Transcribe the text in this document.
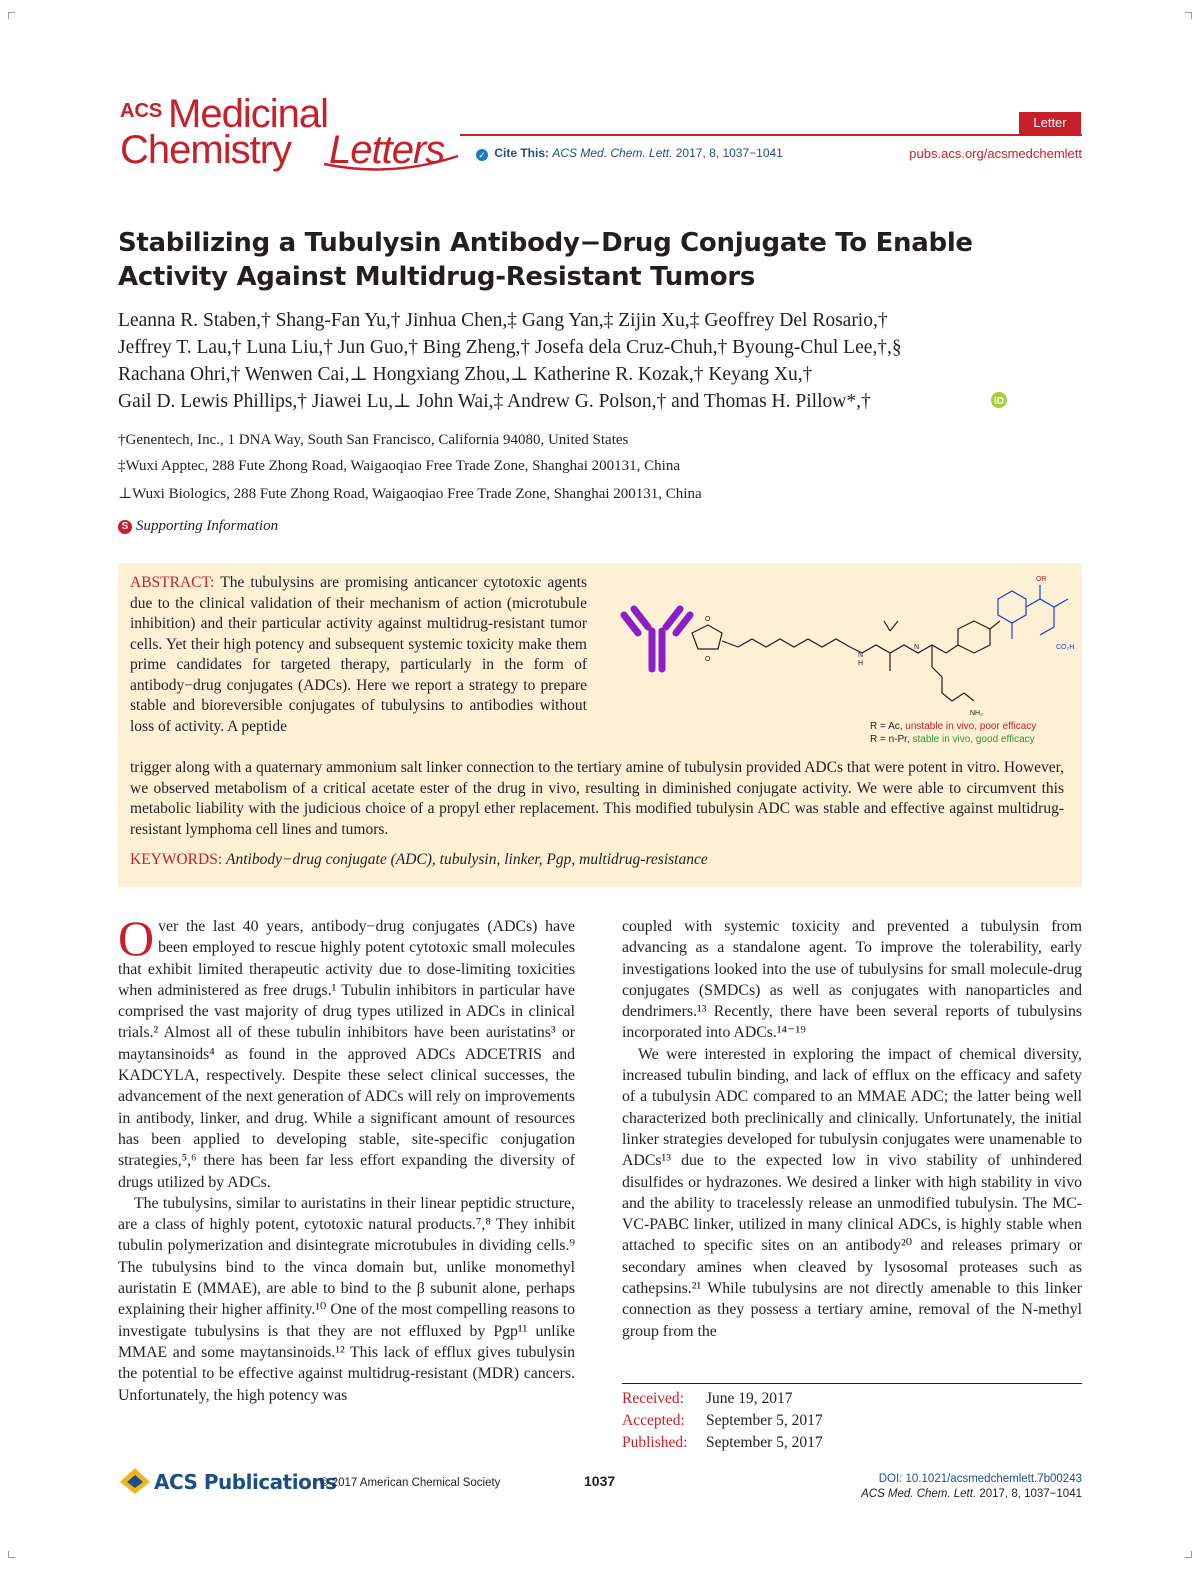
ACS Medicinal
Chemistry Letters
Letter
✓ Cite This: ACS Med. Chem. Lett. 2017, 8, 1037−1041	pubs.acs.org/acsmedchemlett
Stabilizing a Tubulysin Antibody−Drug Conjugate To Enable Activity Against Multidrug-Resistant Tumors
Leanna R. Staben,† Shang-Fan Yu,† Jinhua Chen,‡ Gang Yan,‡ Zijin Xu,‡ Geoffrey Del Rosario,†
Jeffrey T. Lau,† Luna Liu,† Jun Guo,† Bing Zheng,† Josefa dela Cruz-Chuh,† Byoung-Chul Lee,†,§
Rachana Ohri,† Wenwen Cai,⊥ Hongxiang Zhou,⊥ Katherine R. Kozak,† Keyang Xu,†
Gail D. Lewis Phillips,† Jiawei Lu,⊥ John Wai,‡ Andrew G. Polson,† and Thomas H. Pillow*,†	iD
†Genentech, Inc., 1 DNA Way, South San Francisco, California 94080, United States
‡Wuxi Apptec, 288 Fute Zhong Road, Waigaoqiao Free Trade Zone, Shanghai 200131, China
⊥Wuxi Biologics, 288 Fute Zhong Road, Waigaoqiao Free Trade Zone, Shanghai 200131, China
S Supporting Information
ABSTRACT: The tubulysins are promising anticancer cytotoxic agents due to the clinical validation of their mechanism of action (microtubule inhibition) and their particular activity against multidrug-resistant tumor cells. Yet their high potency and subsequent systemic toxicity make them prime candidates for targeted therapy, particularly in the form of antibody−drug conjugates (ADCs). Here we report a strategy to prepare stable and bioreversible conjugates of tubulysins to antibodies without loss of activity. A peptide
O
O
N
H
N
NH₂
OR
CO₂H
R = Ac, unstable in vivo, poor efficacy
R = n-Pr, stable in vivo, good efficacy
trigger along with a quaternary ammonium salt linker connection to the tertiary amine of tubulysin provided ADCs that were potent in vitro. However, we observed metabolism of a critical acetate ester of the drug in vivo, resulting in diminished conjugate activity. We were able to circumvent this metabolic liability with the judicious choice of a propyl ether replacement. This modified tubulysin ADC was stable and effective against multidrug-resistant lymphoma cell lines and tumors.
KEYWORDS: Antibody−drug conjugate (ADC), tubulysin, linker, Pgp, multidrug-resistance

Over the last 40 years, antibody−drug conjugates (ADCs) have been employed to rescue highly potent cytotoxic small molecules that exhibit limited therapeutic activity due to dose-limiting toxicities when administered as free drugs.¹ Tubulin inhibitors in particular have comprised the vast majority of drug types utilized in ADCs in clinical trials.² Almost all of these tubulin inhibitors have been auristatins³ or maytansinoids⁴ as found in the approved ADCs ADCETRIS and KADCYLA, respectively. Despite these select clinical successes, the advancement of the next generation of ADCs will rely on improvements in antibody, linker, and drug. While a significant amount of resources has been applied to developing stable, site-specific conjugation strategies,⁵,⁶ there has been far less effort expanding the diversity of drugs utilized by ADCs.

The tubulysins, similar to auristatins in their linear peptidic structure, are a class of highly potent, cytotoxic natural products.⁷,⁸ They inhibit tubulin polymerization and disintegrate microtubules in dividing cells.⁹ The tubulysins bind to the vinca domain but, unlike monomethyl auristatin E (MMAE), are able to bind to the β subunit alone, perhaps explaining their higher affinity.¹⁰ One of the most compelling reasons to investigate tubulysins is that they are not effluxed by Pgp¹¹ unlike MMAE and some maytansinoids.¹² This lack of efflux gives tubulysin the potential to be effective against multidrug-resistant (MDR) cancers. Unfortunately, the high potency was

coupled with systemic toxicity and prevented a tubulysin from advancing as a standalone agent. To improve the tolerability, early investigations looked into the use of tubulysins for small molecule-drug conjugates (SMDCs) as well as conjugates with nanoparticles and dendrimers.¹³ Recently, there have been several reports of tubulysins incorporated into ADCs.¹⁴⁻¹⁹

We were interested in exploring the impact of chemical diversity, increased tubulin binding, and lack of efflux on the efficacy and safety of a tubulysin ADC compared to an MMAE ADC; the latter being well characterized both preclinically and clinically. Unfortunately, the initial linker strategies developed for tubulysin conjugates were unamenable to ADCs¹³ due to the expected low in vivo stability of unhindered disulfides or hydrazones. We desired a linker with high stability in vivo and the ability to tracelessly release an unmodified tubulysin. The MC-VC-PABC linker, utilized in many clinical ADCs, is highly stable when attached to specific sites on an antibody²⁰ and releases primary or secondary amines when cleaved by lysosomal proteases such as cathepsins.²¹ While tubulysins are not directly amenable to this linker connection as they possess a tertiary amine, removal of the N-methyl group from the

Received: June 19, 2017
Accepted: September 5, 2017
Published: September 5, 2017
ACS Publications
© 2017 American Chemical Society	1037	DOI: 10.1021/acsmedchemlett.7b00243
ACS Med. Chem. Lett. 2017, 8, 1037−1041
